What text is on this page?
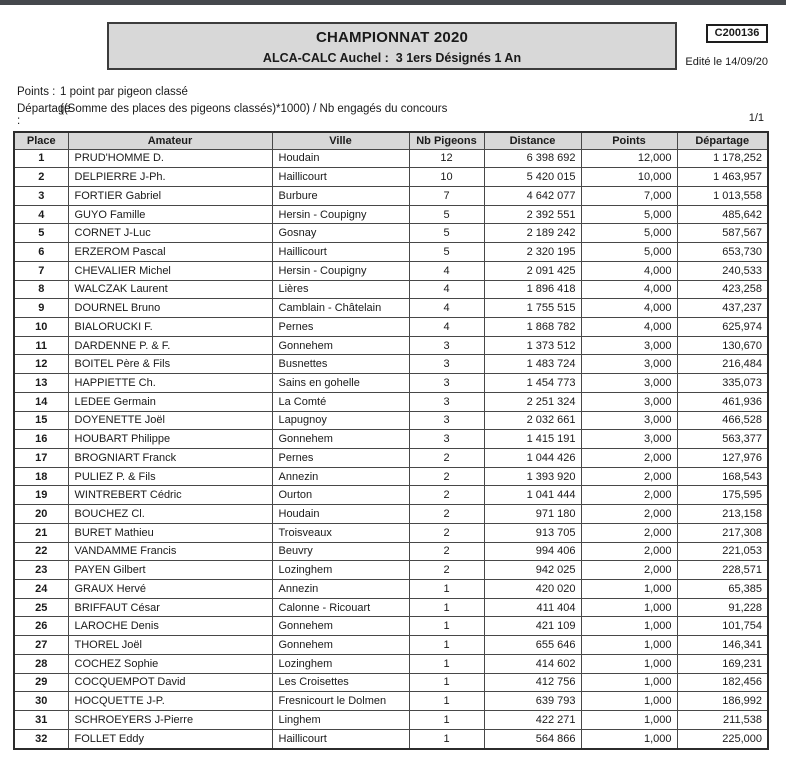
CHAMPIONNAT 2020
ALCA-CALC Auchel :  3 1ers Désignés 1 An
C200136
Edité le 14/09/20
Points : 1 point par pigeon classé
Départage :
((Somme des places des pigeons classés)*1000) / Nb engagés du concours
1/1
Place	Amateur	Ville	Nb Pigeons	Distance	Points	Départage
1	PRUD'HOMME D.	Houdain	12	6 398 692	12,000	1 178,252
2	DELPIERRE J-Ph.	Haillicourt	10	5 420 015	10,000	1 463,957
3	FORTIER Gabriel	Burbure	7	4 642 077	7,000	1 013,558
4	GUYO Famille	Hersin - Coupigny	5	2 392 551	5,000	485,642
5	CORNET J-Luc	Gosnay	5	2 189 242	5,000	587,567
6	ERZEROM Pascal	Haillicourt	5	2 320 195	5,000	653,730
7	CHEVALIER Michel	Hersin - Coupigny	4	2 091 425	4,000	240,533
8	WALCZAK Laurent	Lières	4	1 896 418	4,000	423,258
9	DOURNEL Bruno	Camblain - Châtelain	4	1 755 515	4,000	437,237
10	BIALORUCKI F.	Pernes	4	1 868 782	4,000	625,974
11	DARDENNE P. & F.	Gonnehem	3	1 373 512	3,000	130,670
12	BOITEL Père & Fils	Busnettes	3	1 483 724	3,000	216,484
13	HAPPIETTE Ch.	Sains en gohelle	3	1 454 773	3,000	335,073
14	LEDEE Germain	La Comté	3	2 251 324	3,000	461,936
15	DOYENETTE Joël	Lapugnoy	3	2 032 661	3,000	466,528
16	HOUBART Philippe	Gonnehem	3	1 415 191	3,000	563,377
17	BROGNIART Franck	Pernes	2	1 044 426	2,000	127,976
18	PULIEZ P. & Fils	Annezin	2	1 393 920	2,000	168,543
19	WINTREBERT Cédric	Ourton	2	1 041 444	2,000	175,595
20	BOUCHEZ Cl.	Houdain	2	971 180	2,000	213,158
21	BURET Mathieu	Troisveaux	2	913 705	2,000	217,308
22	VANDAMME Francis	Beuvry	2	994 406	2,000	221,053
23	PAYEN Gilbert	Lozinghem	2	942 025	2,000	228,571
24	GRAUX Hervé	Annezin	1	420 020	1,000	65,385
25	BRIFFAUT César	Calonne - Ricouart	1	411 404	1,000	91,228
26	LAROCHE Denis	Gonnehem	1	421 109	1,000	101,754
27	THOREL Joël	Gonnehem	1	655 646	1,000	146,341
28	COCHEZ Sophie	Lozinghem	1	414 602	1,000	169,231
29	COCQUEMPOT David	Les Croisettes	1	412 756	1,000	182,456
30	HOCQUETTE J-P.	Fresnicourt le Dolmen	1	639 793	1,000	186,992
31	SCHROEYERS J-Pierre	Linghem	1	422 271	1,000	211,538
32	FOLLET Eddy	Haillicourt	1	564 866	1,000	225,000
